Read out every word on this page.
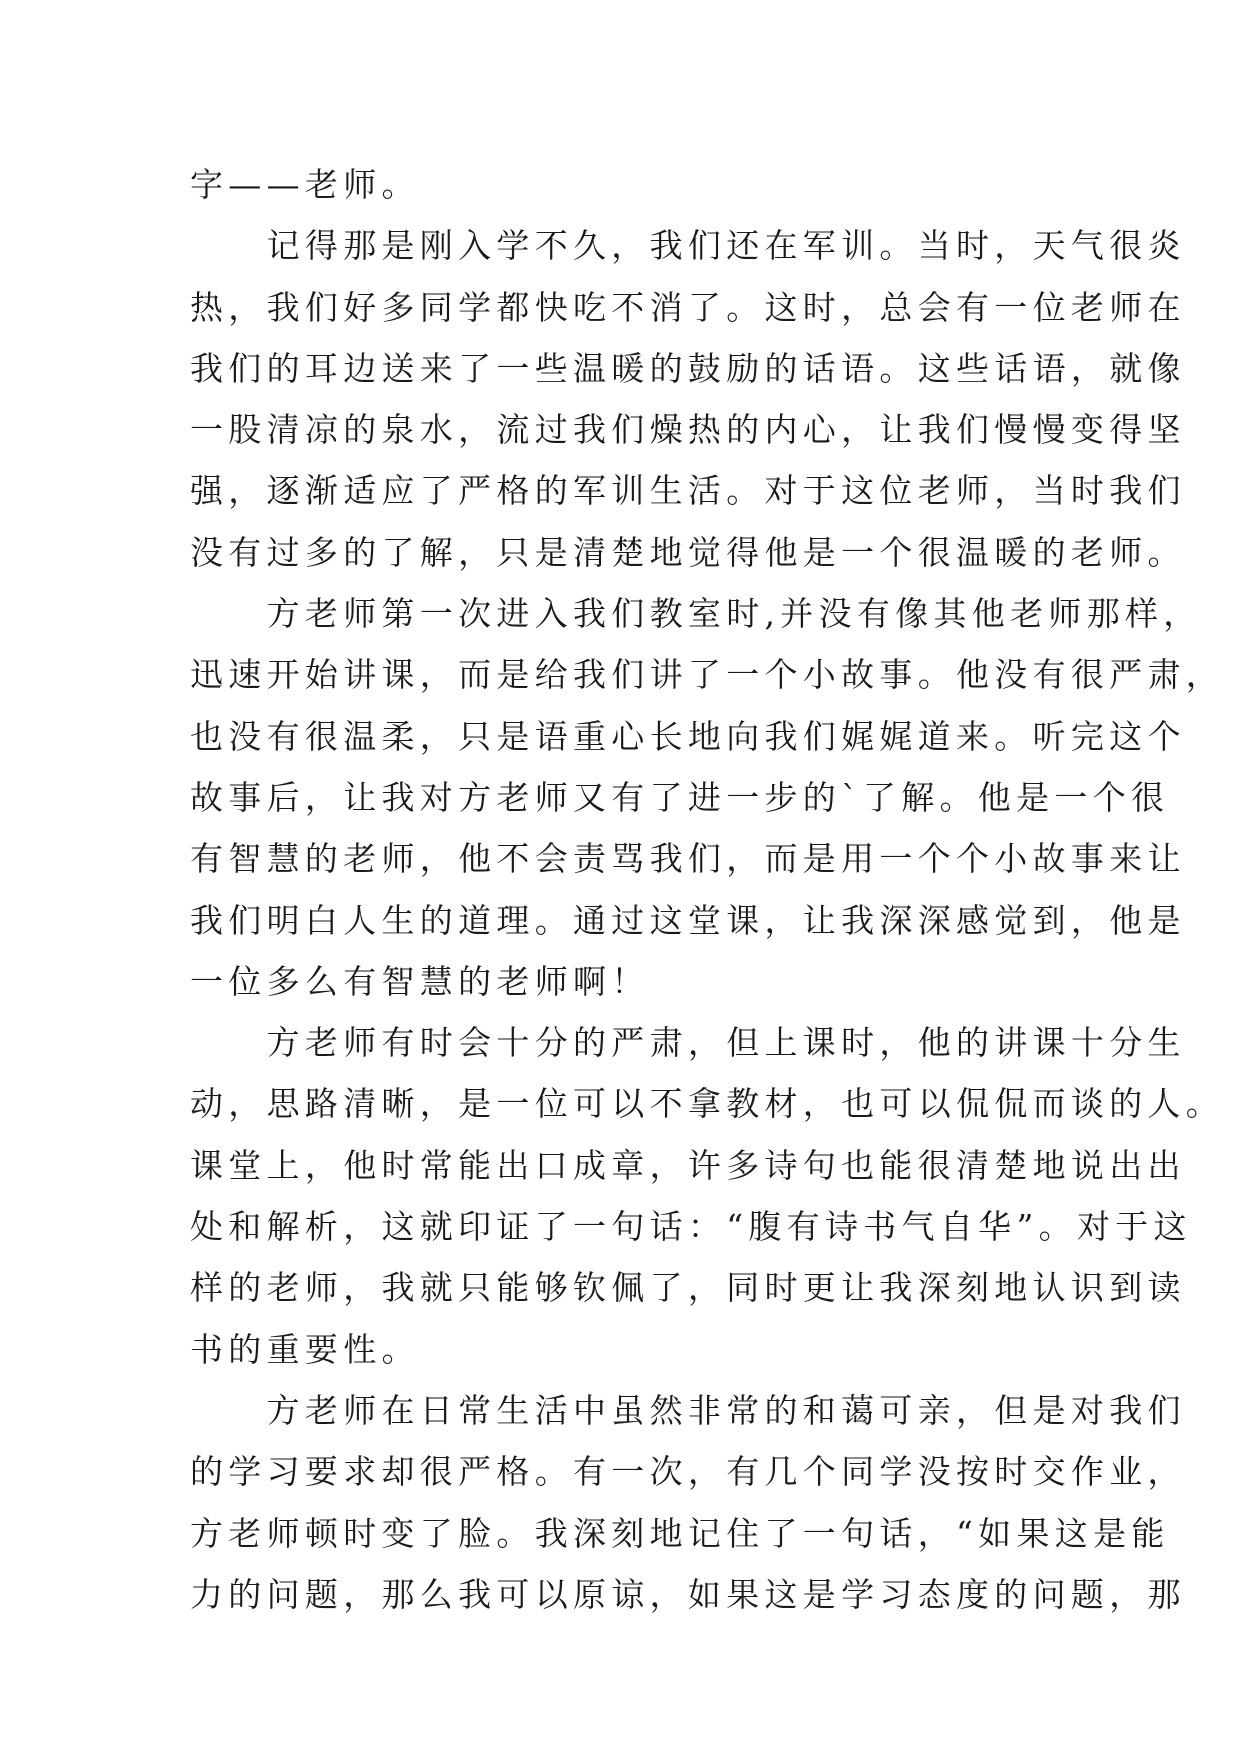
字——老师。
　　记得那是刚入学不久，我们还在军训。当时，天气很炎
热，我们好多同学都快吃不消了。这时，总会有一位老师在
我们的耳边送来了一些温暖的鼓励的话语。这些话语，就像
一股清凉的泉水，流过我们燥热的内心，让我们慢慢变得坚
强，逐渐适应了严格的军训生活。对于这位老师，当时我们
没有过多的了解，只是清楚地觉得他是一个很温暖的老师。
　　方老师第一次进入我们教室时,并没有像其他老师那样，
迅速开始讲课，而是给我们讲了一个小故事。他没有很严肃，
也没有很温柔，只是语重心长地向我们娓娓道来。听完这个
故事后，让我对方老师又有了进一步的`了解。他是一个很
有智慧的老师，他不会责骂我们，而是用一个个小故事来让
我们明白人生的道理。通过这堂课，让我深深感觉到，他是
一位多么有智慧的老师啊！
　　方老师有时会十分的严肃，但上课时，他的讲课十分生
动，思路清晰，是一位可以不拿教材，也可以侃侃而谈的人。
课堂上，他时常能出口成章，许多诗句也能很清楚地说出出
处和解析，这就印证了一句话：“腹有诗书气自华”。对于这
样的老师，我就只能够钦佩了，同时更让我深刻地认识到读
书的重要性。
　　方老师在日常生活中虽然非常的和蔼可亲，但是对我们
的学习要求却很严格。有一次，有几个同学没按时交作业，
方老师顿时变了脸。我深刻地记住了一句话，“如果这是能
力的问题，那么我可以原谅，如果这是学习态度的问题，那
